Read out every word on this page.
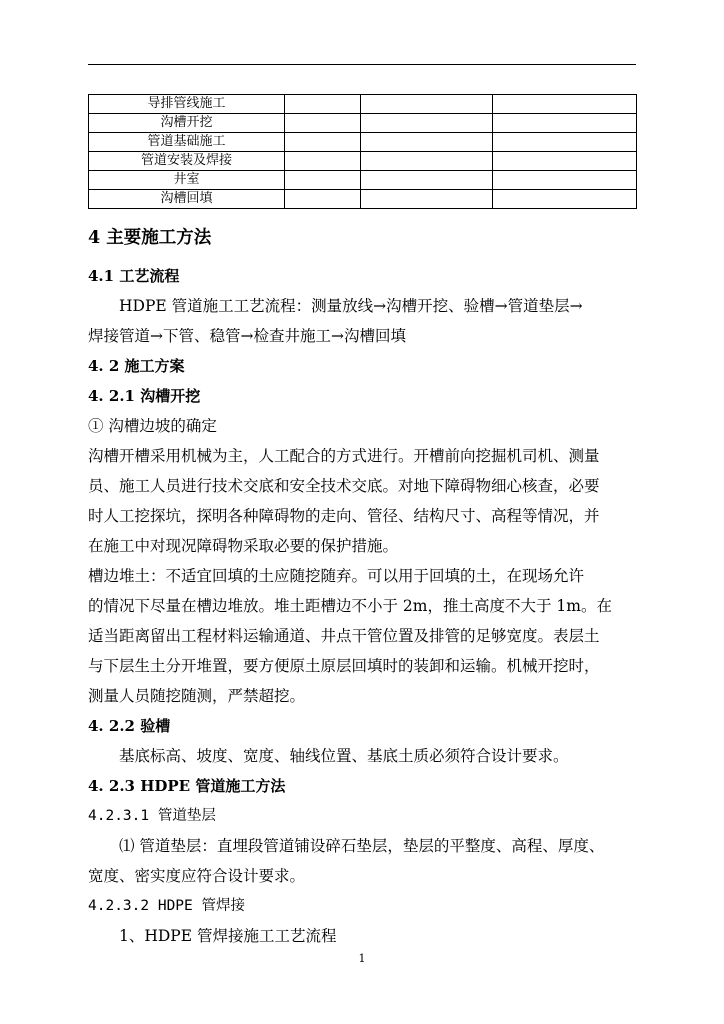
导排管线施工			
沟槽开挖			
管道基础施工			
管道安装及焊接			
井室			
沟槽回填			
4 主要施工方法
4.1 工艺流程
HDPE 管道施工工艺流程：测量放线→沟槽开挖、验槽→管道垫层→
焊接管道→下管、稳管→检查井施工→沟槽回填
4. 2 施工方案
4. 2.1 沟槽开挖
① 沟槽边坡的确定
沟槽开槽采用机械为主，人工配合的方式进行。开槽前向挖掘机司机、测量
员、施工人员进行技术交底和安全技术交底。对地下障碍物细心核查，必要
时人工挖探坑，探明各种障碍物的走向、管径、结构尺寸、高程等情况，并
在施工中对现况障碍物采取必要的保护措施。
槽边堆土：不适宜回填的土应随挖随弃。可以用于回填的土，在现场允许
的情况下尽量在槽边堆放。堆土距槽边不小于 2m，推土高度不大于 1m。在
适当距离留出工程材料运输通道、井点干管位置及排管的足够宽度。表层土
与下层生土分开堆置，要方便原土原层回填时的装卸和运输。机械开挖时，
测量人员随挖随测，严禁超挖。
4. 2.2 验槽
基底标高、坡度、宽度、轴线位置、基底土质必须符合设计要求。
4. 2.3 HDPE 管道施工方法
4.2.3.1 管道垫层
⑴ 管道垫层：直埋段管道铺设碎石垫层，垫层的平整度、高程、厚度、
宽度、密实度应符合设计要求。
4.2.3.2 HDPE 管焊接
1、HDPE 管焊接施工工艺流程
1
